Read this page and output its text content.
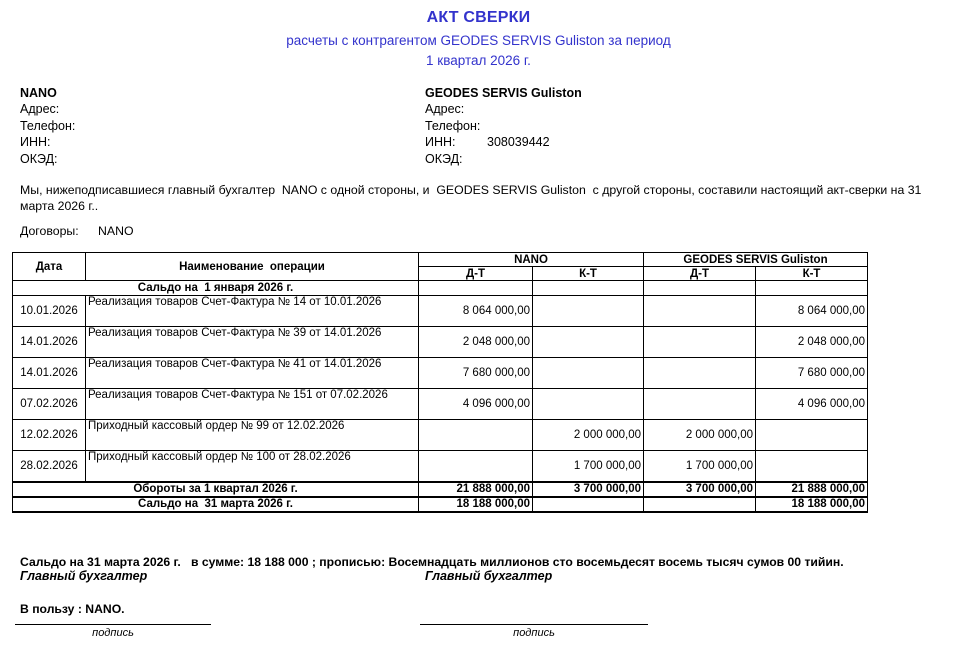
АКТ СВЕРКИ
расчеты с контрагентом GEODES SERVIS Guliston за период
1 квартал 2026 г.
NANO
Адрес:
Телефон:
ИНН:
ОКЭД:
GEODES SERVIS Guliston
Адрес:
Телефон:
ИНН:	308039442
ОКЭД:
Мы, нижеподписавшиеся главный бухгалтер  NANO с одной стороны, и  GEODES SERVIS Guliston  с другой стороны, составили настоящий акт-сверки на 31 марта 2026 г..
Договоры: NANO
Дата	Наименование  операции	NANO		GEODES SERVIS Guliston	
		Д-Т	К-Т	Д-Т	К-Т
Сальдо на  1 января 2026 г.					
10.01.2026	Реализация товаров Счет-Фактура № 14 от 10.01.2026	8 064 000,00			8 064 000,00
14.01.2026	Реализация товаров Счет-Фактура № 39 от 14.01.2026	2 048 000,00			2 048 000,00
14.01.2026	Реализация товаров Счет-Фактура № 41 от 14.01.2026	7 680 000,00			7 680 000,00
07.02.2026	Реализация товаров Счет-Фактура № 151 от 07.02.2026	4 096 000,00			4 096 000,00
12.02.2026	Приходный кассовый ордер № 99 от 12.02.2026		2 000 000,00	2 000 000,00	
28.02.2026	Приходный кассовый ордер № 100 от 28.02.2026		1 700 000,00	1 700 000,00	
Обороты за 1 квартал 2026 г.		21 888 000,00	3 700 000,00	3 700 000,00	21 888 000,00
Сальдо на  31 марта 2026 г.		18 188 000,00			18 188 000,00

Сальдо на 31 марта 2026 г.   в сумме: 18 188 000 ; прописью: Восемнадцать миллионов сто восемьдесят восемь тысяч сумов 00 тийин.

В пользу : NANO.

Главный бухгалтер	Главный бухгалтер
подпись	подпись
